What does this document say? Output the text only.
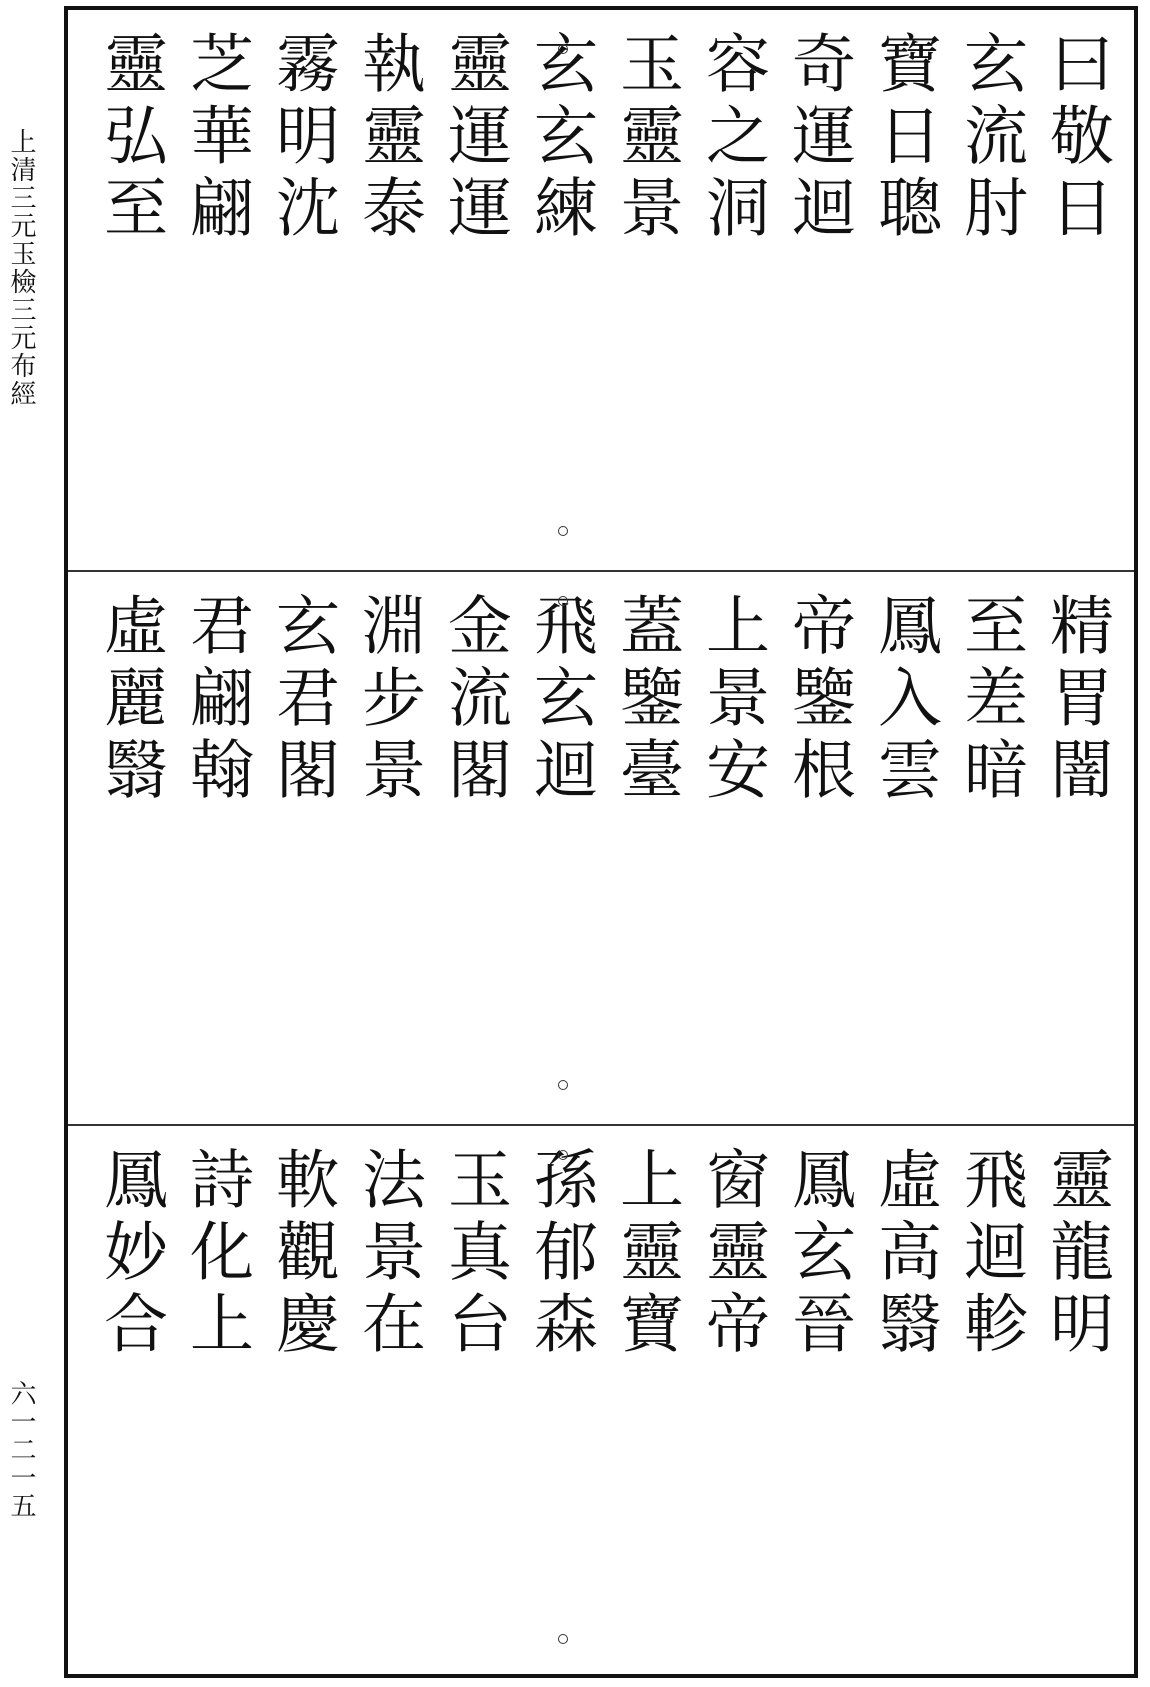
上清三元玉檢三元布經
六一二一五
曰敬日
玄流肘
寶日聰
奇運迴
容之洞
玉靈景
玄玄練
靈運運
執靈泰
霧明沈
芝華翩
靈弘至
精胃闇
至差暗
鳳入雲
帝鑒根
上景安
蓋鑒臺
飛玄迴
金流閣
淵步景
玄君閣
君翩翰
虛麗翳
靈龍明
飛迴軫
虛高翳
鳳玄晉
窗靈帝
上靈寶
孫郁森
玉真台
法景在
軟觀慶
詩化上
鳳妙合
